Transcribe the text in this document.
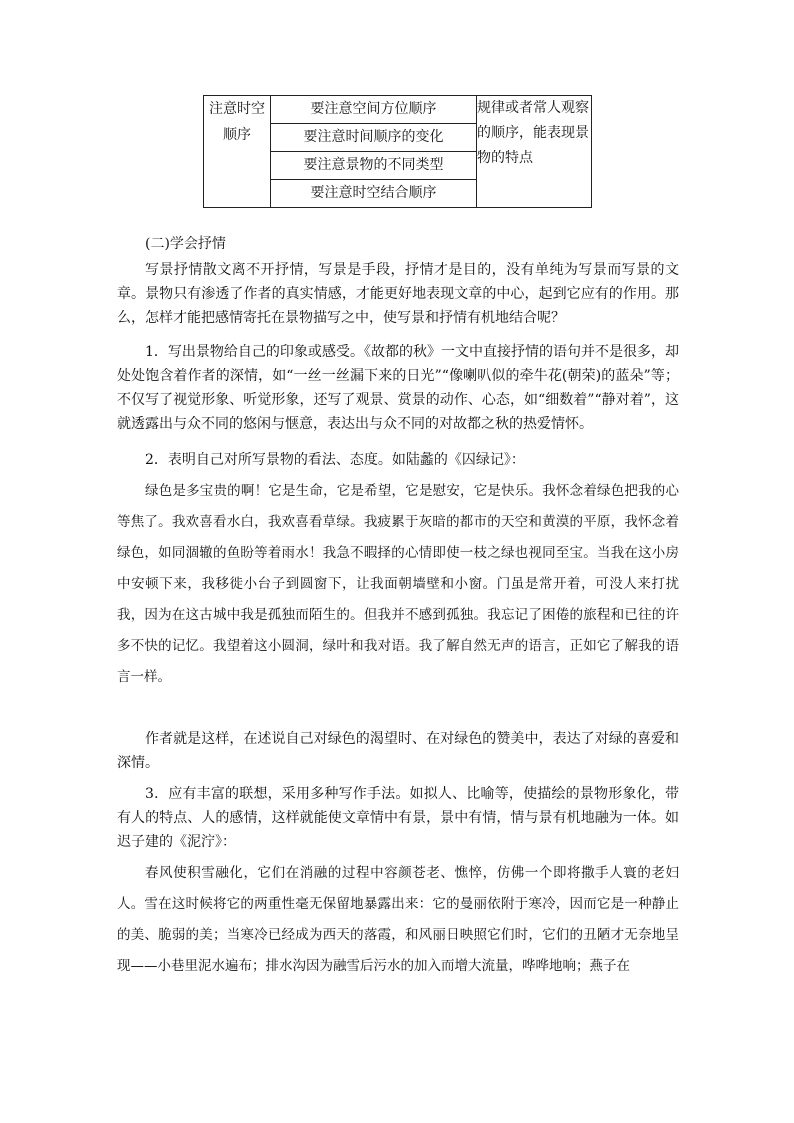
注意时空顺序	要注意空间方位顺序	规律或者常人观察的顺序，能表现景物的特点
要注意时间顺序的变化
要注意景物的不同类型
要注意时空结合顺序

(二)学会抒情

写景抒情散文离不开抒情，写景是手段，抒情才是目的，没有单纯为写景而写景的文章。景物只有渗透了作者的真实情感，才能更好地表现文章的中心，起到它应有的作用。那么，怎样才能把感情寄托在景物描写之中，使写景和抒情有机地结合呢？

1．写出景物给自己的印象或感受。《故都的秋》一文中直接抒情的语句并不是很多，却处处饱含着作者的深情，如“一丝一丝漏下来的日光”“像喇叭似的牵牛花(朝荣)的蓝朵”等；不仅写了视觉形象、听觉形象，还写了观景、赏景的动作、心态，如“细数着”“静对着”，这就透露出与众不同的悠闲与惬意，表达出与众不同的对故都之秋的热爱情怀。

2．表明自己对所写景物的看法、态度。如陆蠡的《囚绿记》：

绿色是多宝贵的啊！它是生命，它是希望，它是慰安，它是快乐。我怀念着绿色把我的心等焦了。我欢喜看水白，我欢喜看草绿。我疲累于灰暗的都市的天空和黄漠的平原，我怀念着绿色，如同涸辙的鱼盼等着雨水！我急不暇择的心情即使一枝之绿也视同至宝。当我在这小房中安顿下来，我移徙小台子到圆窗下，让我面朝墙壁和小窗。门虽是常开着，可没人来打扰我，因为在这古城中我是孤独而陌生的。但我并不感到孤独。我忘记了困倦的旅程和已往的许多不快的记忆。我望着这小圆洞，绿叶和我对语。我了解自然无声的语言，正如它了解我的语言一样。

作者就是这样，在述说自己对绿色的渴望时、在对绿色的赞美中，表达了对绿的喜爱和深情。

3．应有丰富的联想，采用多种写作手法。如拟人、比喻等，使描绘的景物形象化，带有人的特点、人的感情，这样就能使文章情中有景，景中有情，情与景有机地融为一体。如迟子建的《泥泞》：

春风使积雪融化，它们在消融的过程中容颜苍老、憔悴，仿佛一个即将撒手人寰的老妇人。雪在这时候将它的两重性毫无保留地暴露出来：它的曼丽依附于寒冷，因而它是一种静止的美、脆弱的美；当寒冷已经成为西天的落霞，和风丽日映照它们时，它们的丑陋才无奈地呈现——小巷里泥水遍布；排水沟因为融雪后污水的加入而增大流量，哗哗地响；燕子在
